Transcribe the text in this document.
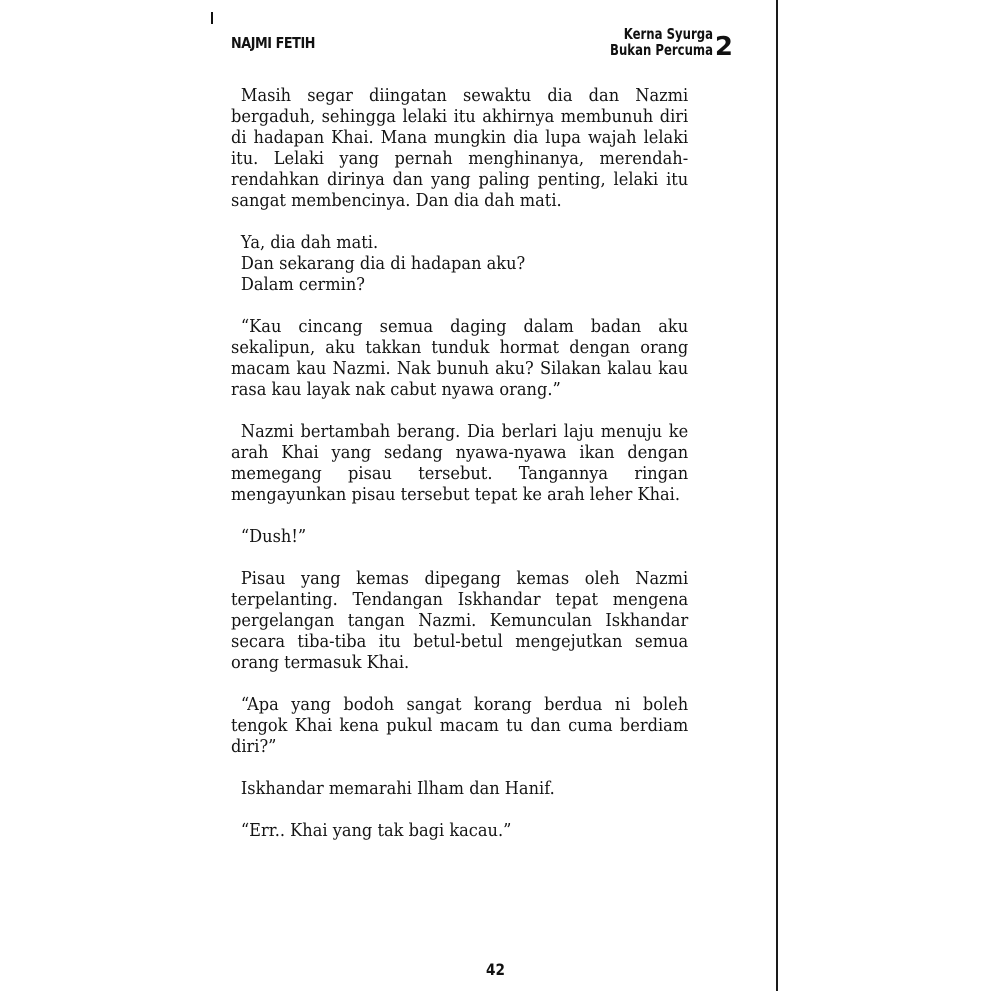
NAJMI FETIH	Kerna Syurga
Bukan Percuma 2

Masih segar diingatan sewaktu dia dan Nazmi bergaduh, sehingga lelaki itu akhirnya membunuh diri di hadapan Khai. Mana mungkin dia lupa wajah lelaki itu. Lelaki yang pernah menghinanya, merendah-rendahkan dirinya dan yang paling penting, lelaki itu sangat membencinya. Dan dia dah mati.

Ya, dia dah mati.

Dan sekarang dia di hadapan aku?

Dalam cermin?

“Kau cincang semua daging dalam badan aku sekalipun, aku takkan tunduk hormat dengan orang macam kau Nazmi. Nak bunuh aku? Silakan kalau kau rasa kau layak nak cabut nyawa orang.”

Nazmi bertambah berang. Dia berlari laju menuju ke arah Khai yang sedang nyawa-nyawa ikan dengan memegang pisau tersebut. Tangannya ringan mengayunkan pisau tersebut tepat ke arah leher Khai.

“Dush!”

Pisau yang kemas dipegang kemas oleh Nazmi terpelanting. Tendangan Iskhandar tepat mengena pergelangan tangan Nazmi. Kemunculan Iskhandar secara tiba-tiba itu betul-betul mengejutkan semua orang termasuk Khai.

“Apa yang bodoh sangat korang berdua ni boleh tengok Khai kena pukul macam tu dan cuma berdiam diri?”

Iskhandar memarahi Ilham dan Hanif.

“Err.. Khai yang tak bagi kacau.”

42
